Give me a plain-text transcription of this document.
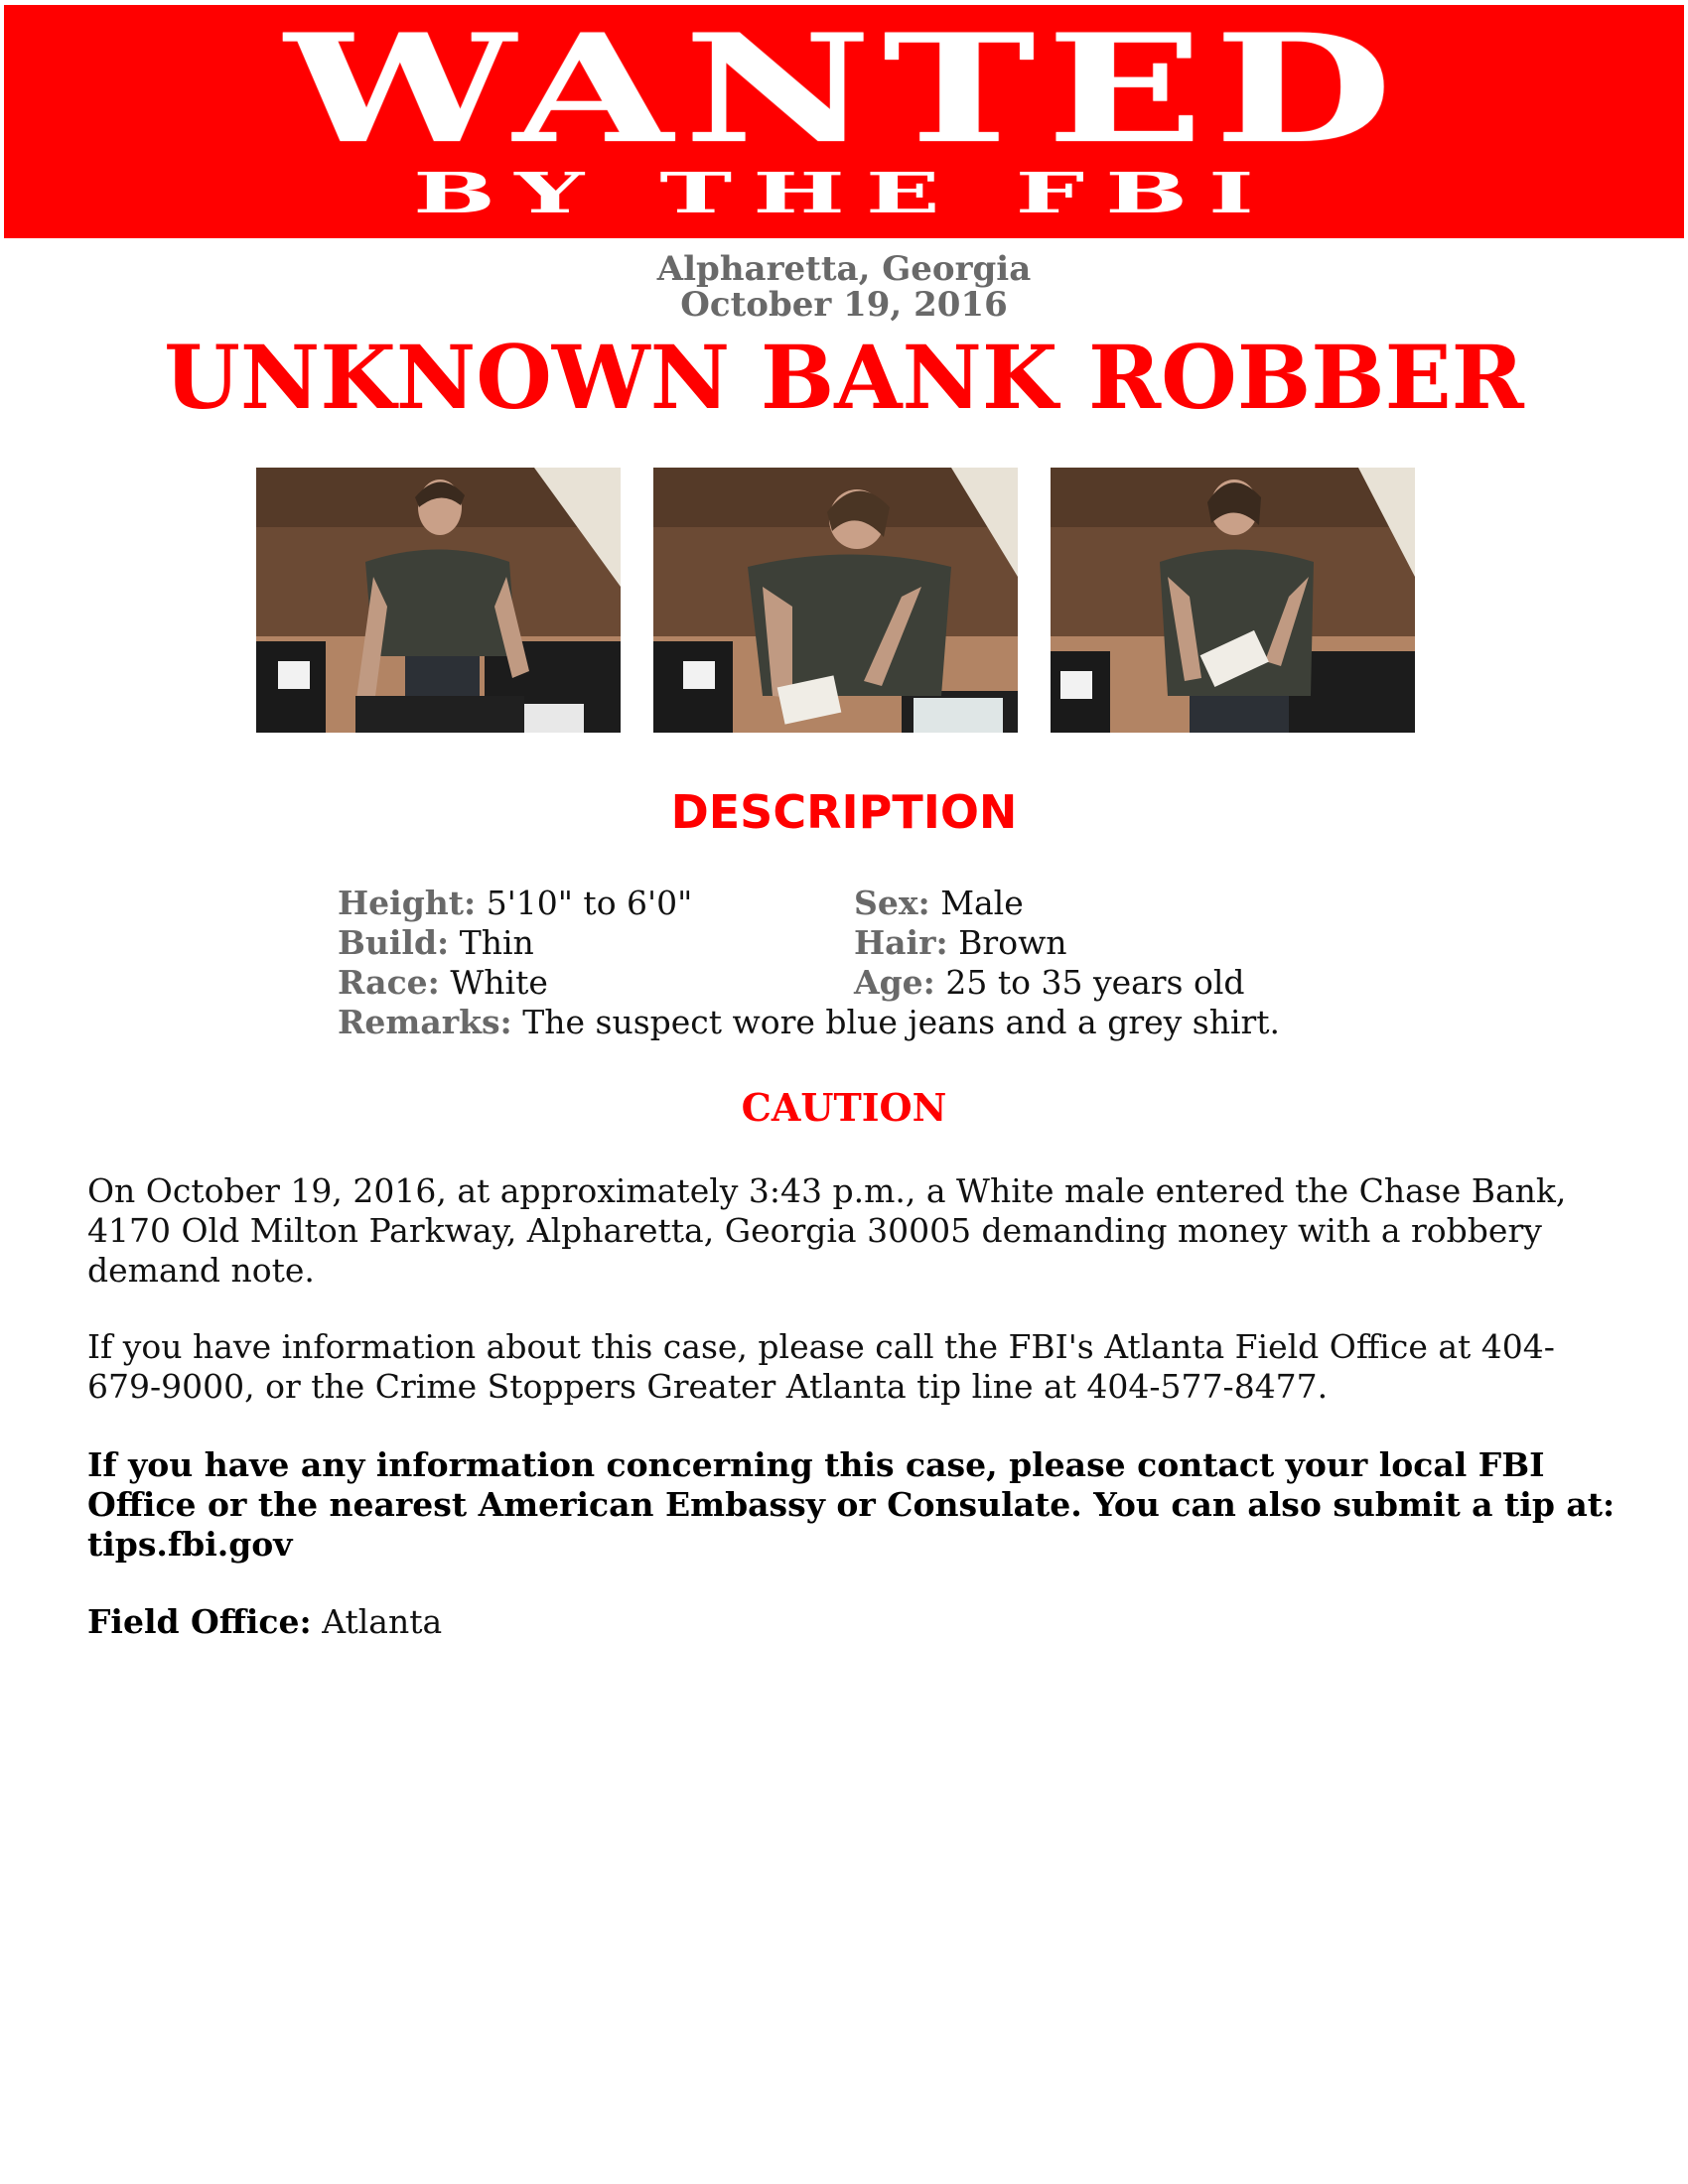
WANTED
BY THE FBI
Alpharetta, Georgia
October 19, 2016
UNKNOWN BANK ROBBER
DESCRIPTION
Height: 5'10" to 6'0"	Sex: Male
Build: Thin	Hair: Brown
Race: White	Age: 25 to 35 years old
Remarks: The suspect wore blue jeans and a grey shirt.
CAUTION
On October 19, 2016, at approximately 3:43 p.m., a White male entered the Chase Bank, 4170 Old Milton Parkway, Alpharetta, Georgia 30005 demanding money with a robbery demand note.
If you have information about this case, please call the FBI's Atlanta Field Office at 404-679-9000, or the Crime Stoppers Greater Atlanta tip line at 404-577-8477.
If you have any information concerning this case, please contact your local FBI Office or the nearest American Embassy or Consulate. You can also submit a tip at: tips.fbi.gov
Field Office: Atlanta
